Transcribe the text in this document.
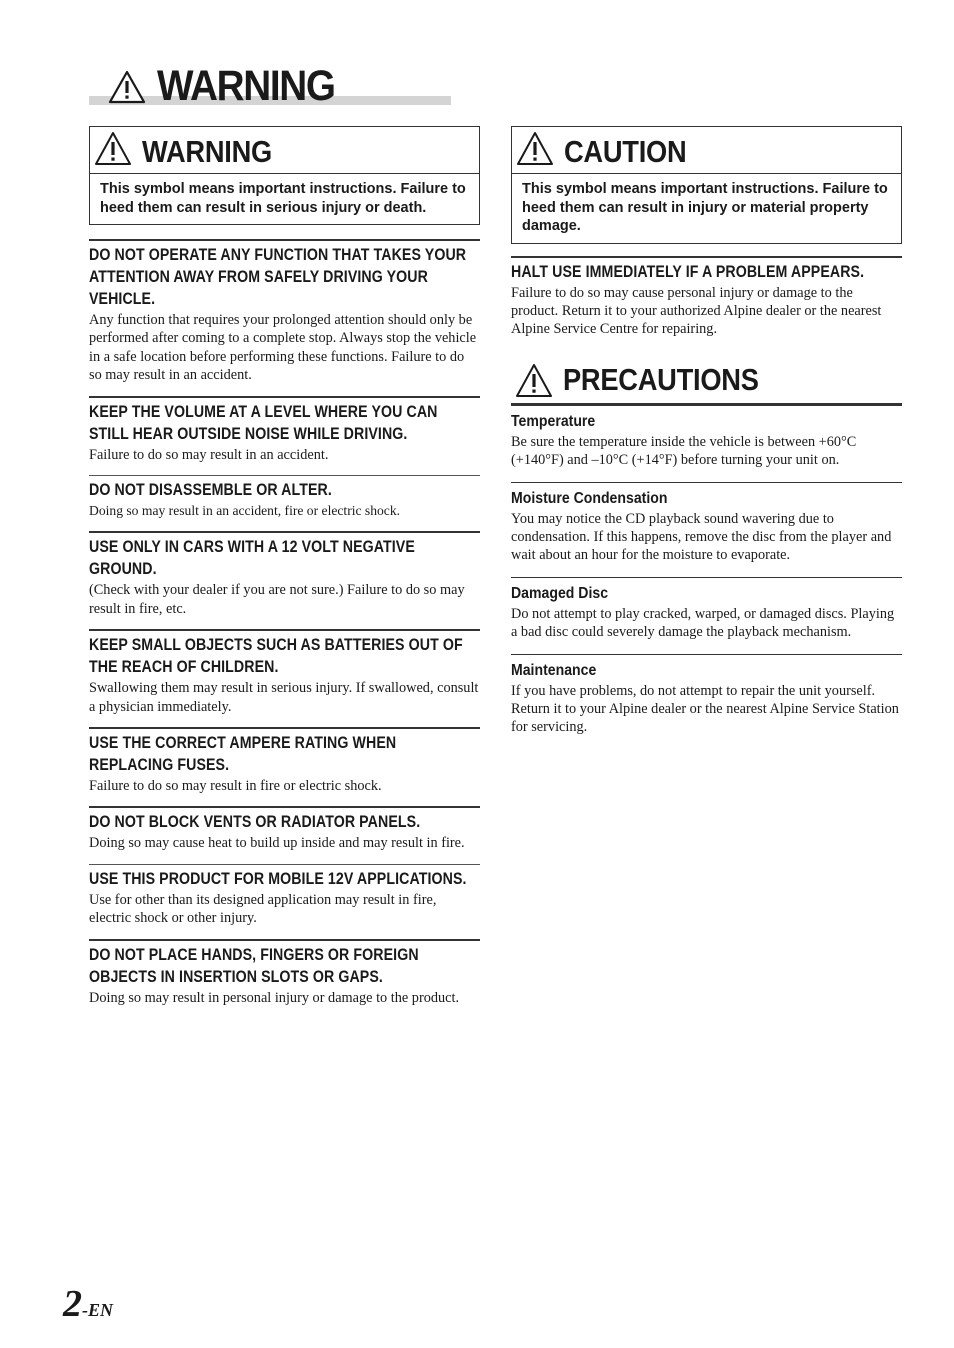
WARNING
WARNING
This symbol means important instructions. Failure to heed them can result in serious injury or death.
DO NOT OPERATE ANY FUNCTION THAT TAKES YOUR ATTENTION AWAY FROM SAFELY DRIVING YOUR VEHICLE.
Any function that requires your prolonged attention should only be performed after coming to a complete stop. Always stop the vehicle in a safe location before performing these functions. Failure to do so may result in an accident.
KEEP THE VOLUME AT A LEVEL WHERE YOU CAN STILL HEAR OUTSIDE NOISE WHILE DRIVING.
Failure to do so may result in an accident.
DO NOT DISASSEMBLE OR ALTER.
Doing so may result in an accident, fire or electric shock.
USE ONLY IN CARS WITH A 12 VOLT NEGATIVE GROUND.
(Check with your dealer if you are not sure.) Failure to do so may result in fire, etc.
KEEP SMALL OBJECTS SUCH AS BATTERIES OUT OF THE REACH OF CHILDREN.
Swallowing them may result in serious injury. If swallowed, consult a physician immediately.
USE THE CORRECT AMPERE RATING WHEN REPLACING FUSES.
Failure to do so may result in fire or electric shock.
DO NOT BLOCK VENTS OR RADIATOR PANELS.
Doing so may cause heat to build up inside and may result in fire.
USE THIS PRODUCT FOR MOBILE 12V APPLICATIONS.
Use for other than its designed application may result in fire, electric shock or other injury.
DO NOT PLACE HANDS, FINGERS OR FOREIGN OBJECTS IN INSERTION SLOTS OR GAPS.
Doing so may result in personal injury or damage to the product.
CAUTION
This symbol means important instructions. Failure to heed them can result in injury or material property damage.
HALT USE IMMEDIATELY IF A PROBLEM APPEARS.
Failure to do so may cause personal injury or damage to the product. Return it to your authorized Alpine dealer or the nearest Alpine Service Centre for repairing.
PRECAUTIONS
Temperature
Be sure the temperature inside the vehicle is between +60°C (+140°F) and –10°C (+14°F) before turning your unit on.
Moisture Condensation
You may notice the CD playback sound wavering due to condensation. If this happens, remove the disc from the player and wait about an hour for the moisture to evaporate.
Damaged Disc
Do not attempt to play cracked, warped, or damaged discs. Playing a bad disc could severely damage the playback mechanism.
Maintenance
If you have problems, do not attempt to repair the unit yourself. Return it to your Alpine dealer or the nearest Alpine Service Station for servicing.
2-EN
